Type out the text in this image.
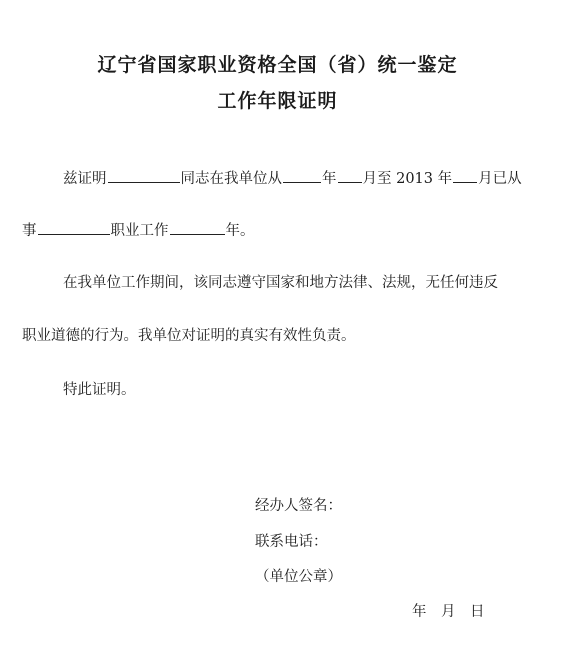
辽宁省国家职业资格全国（省）统一鉴定
工作年限证明
兹证明	同志在我单位从	年 月至 2013 年 月已从
事	职业工作	年。
在我单位工作期间，该同志遵守国家和地方法律、法规，无任何违反
职业道德的行为。我单位对证明的真实有效性负责。
特此证明。
经办人签名：
联系电话：
（单位公章）
年　月　日
